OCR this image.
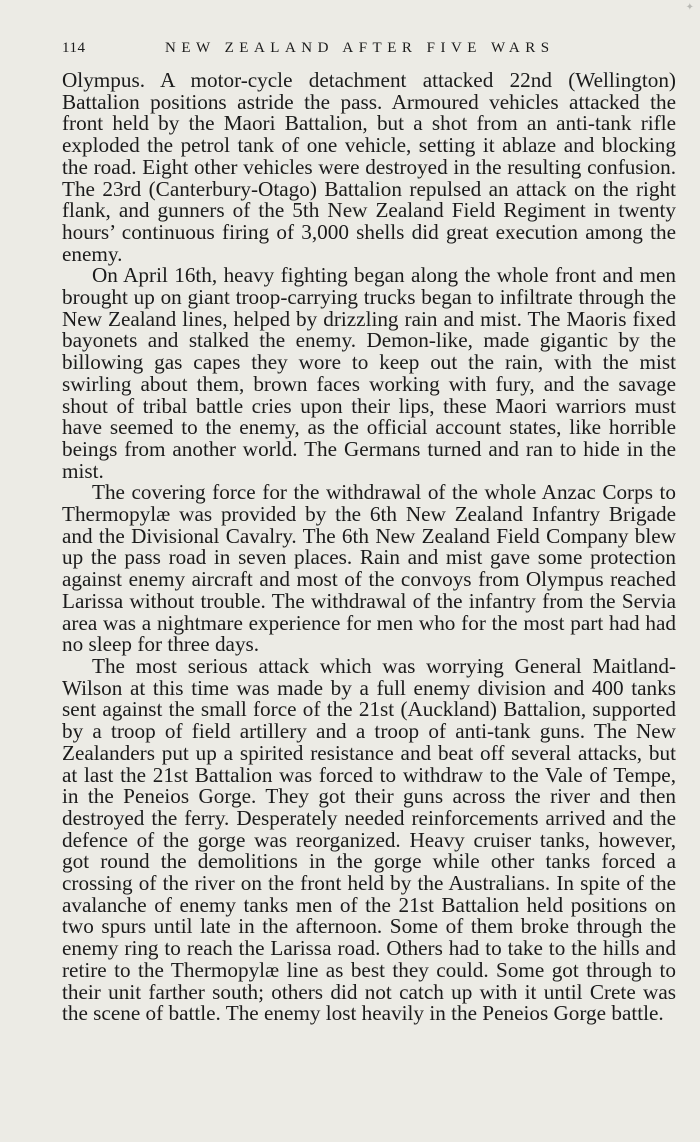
✦
114	NEW ZEALAND AFTER FIVE WARS

Olympus. A motor-cycle detachment attacked 22nd (Wellington) Battalion positions astride the pass. Armoured vehicles attacked the front held by the Maori Battalion, but a shot from an anti-tank rifle exploded the petrol tank of one vehicle, setting it ablaze and blocking the road. Eight other vehicles were destroyed in the resulting confusion. The 23rd (Canterbury-Otago) Battalion repulsed an attack on the right flank, and gunners of the 5th New Zealand Field Regiment in twenty hours’ continuous firing of 3,000 shells did great execution among the enemy.

On April 16th, heavy fighting began along the whole front and men brought up on giant troop-carrying trucks began to infiltrate through the New Zealand lines, helped by drizzling rain and mist. The Maoris fixed bayonets and stalked the enemy. Demon-like, made gigantic by the billowing gas capes they wore to keep out the rain, with the mist swirling about them, brown faces working with fury, and the savage shout of tribal battle cries upon their lips, these Maori warriors must have seemed to the enemy, as the official account states, like horrible beings from another world. The Germans turned and ran to hide in the mist.

The covering force for the withdrawal of the whole Anzac Corps to Thermopylæ was provided by the 6th New Zealand Infantry Brigade and the Divisional Cavalry. The 6th New Zealand Field Company blew up the pass road in seven places. Rain and mist gave some protection against enemy aircraft and most of the convoys from Olympus reached Larissa without trouble. The withdrawal of the infantry from the Servia area was a nightmare experience for men who for the most part had had no sleep for three days.

The most serious attack which was worrying General Maitland-Wilson at this time was made by a full enemy division and 400 tanks sent against the small force of the 21st (Auckland) Battalion, supported by a troop of field artillery and a troop of anti-tank guns. The New Zealanders put up a spirited resistance and beat off several attacks, but at last the 21st Battalion was forced to withdraw to the Vale of Tempe, in the Peneios Gorge. They got their guns across the river and then destroyed the ferry. Desperately needed reinforcements arrived and the defence of the gorge was reorganized. Heavy cruiser tanks, however, got round the demolitions in the gorge while other tanks forced a crossing of the river on the front held by the Australians. In spite of the avalanche of enemy tanks men of the 21st Battalion held positions on two spurs until late in the afternoon. Some of them broke through the enemy ring to reach the Larissa road. Others had to take to the hills and retire to the Thermopylæ line as best they could. Some got through to their unit farther south; others did not catch up with it until Crete was the scene of battle. The enemy lost heavily in the Peneios Gorge battle.
